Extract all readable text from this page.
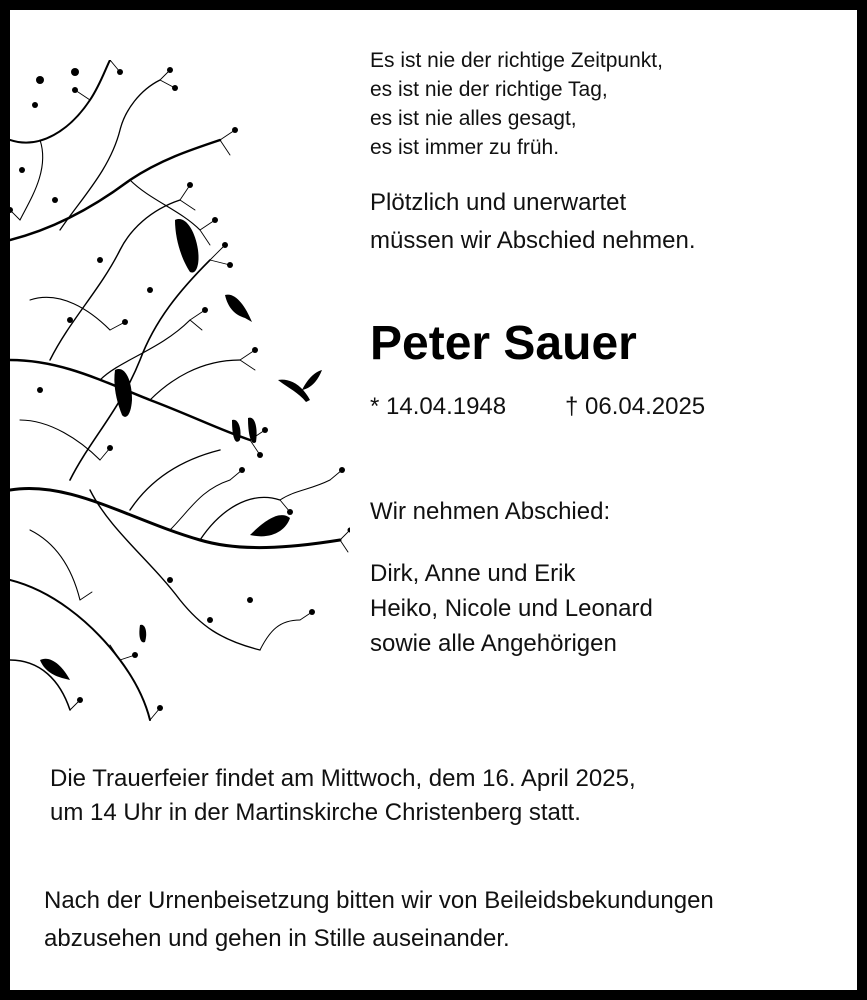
Es ist nie der richtige Zeitpunkt,
es ist nie der richtige Tag,
es ist nie alles gesagt,
es ist immer zu früh.
Plötzlich und unerwartet
müssen wir Abschied nehmen.
Peter Sauer
* 14.04.1948 † 06.04.2025
Wir nehmen Abschied:
Dirk, Anne und Erik
Heiko, Nicole und Leonard
sowie alle Angehörigen
Die Trauerfeier findet am Mittwoch, dem 16. April 2025,
um 14 Uhr in der Martinskirche Christenberg statt.
Nach der Urnenbeisetzung bitten wir von Beileidsbekundungen
abzusehen und gehen in Stille auseinander.
